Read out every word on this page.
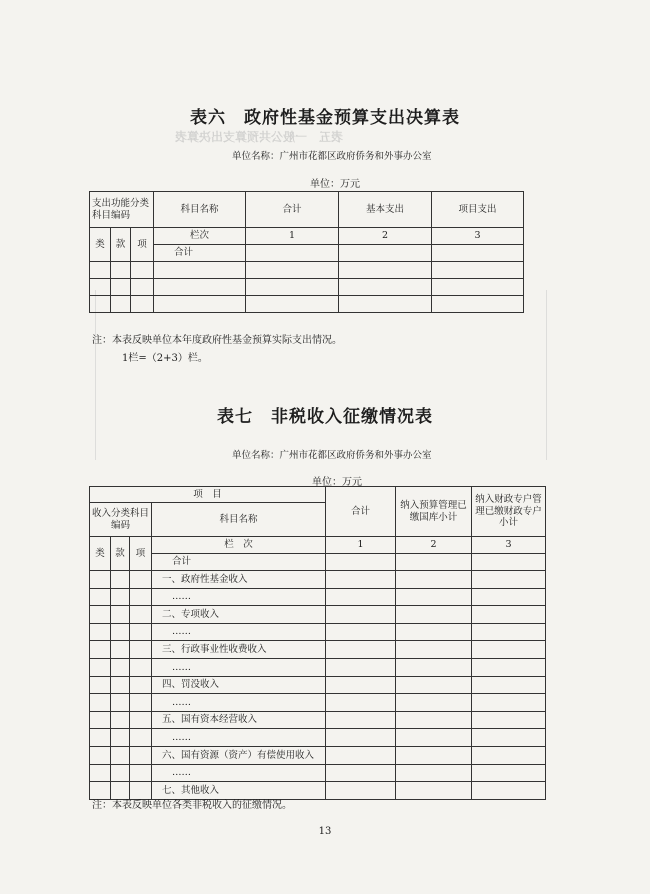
表五　一般公共预算支出决算表
表六　政府性基金预算支出决算表
单位名称：广州市花都区政府侨务和外事办公室
单位：万元
支出功能分类科目编码			科目名称	合计	基本支出	项目支出

类	款	项	栏次	1	2	3
			合计			

注：本表反映单位本年度政府性基金预算实际支出情况。
1栏=（2+3）栏。
表七　非税收入征缴情况表
单位名称：广州市花都区政府侨务和外事办公室
单位：万元
项　目				合计	纳入预算管理已缴国库小计	纳入财政专户管理已缴财政专户小计
收入分类科目编码			科目名称			

类	款	项	栏　次	1	2	3
			合计			
			一、政府性基金收入			
			……			
			二、专项收入			
			……			
			三、行政事业性收费收入			
			……			
			四、罚没收入			
			……			
			五、国有资本经营收入			
			……			
			六、国有资源（资产）有偿使用收入			
			……			
			七、其他收入			
注：本表反映单位各类非税收入的征缴情况。
13
